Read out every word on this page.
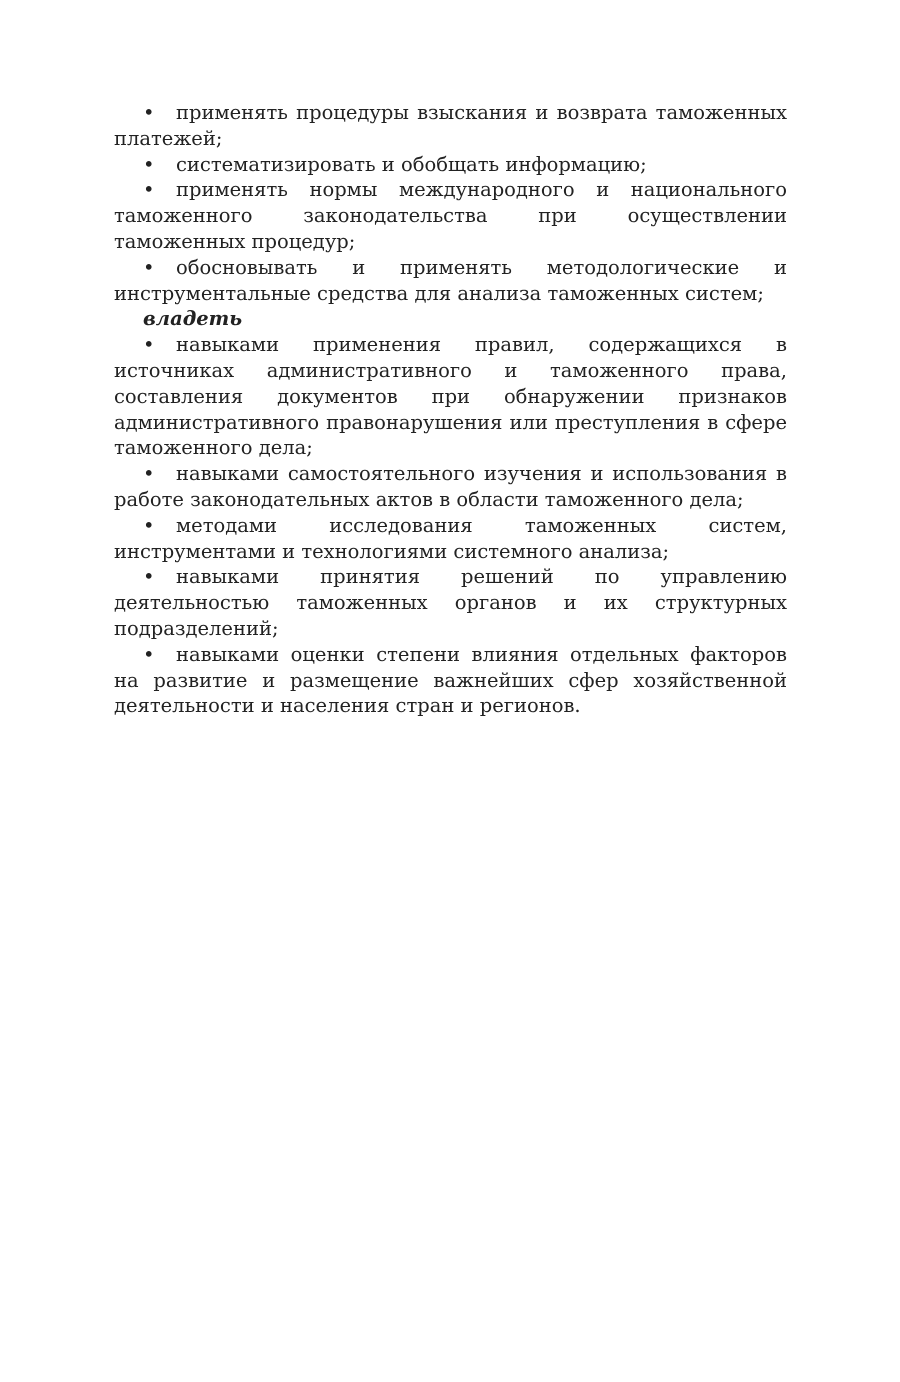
• применять процедуры взыскания и возврата таможенных платежей;

• систематизировать и обобщать информацию;

• применять нормы международного и национального таможенного законодательства при осуществлении таможенных процедур;

• обосновывать и применять методологические и инструментальные средства для анализа таможенных систем;

владеть

• навыками применения правил, содержащихся в источниках административного и таможенного права, составления документов при обнаружении признаков административного правонарушения или преступления в сфере таможенного дела;

• навыками самостоятельного изучения и использования в работе законодательных актов в области таможенного дела;

• методами исследования таможенных систем, инструментами и технологиями системного анализа;

• навыками принятия решений по управлению деятельностью таможенных органов и их структурных подразделений;

• навыками оценки степени влияния отдельных факторов на развитие и размещение важнейших сфер хозяйственной деятельности и населения стран и регионов.
